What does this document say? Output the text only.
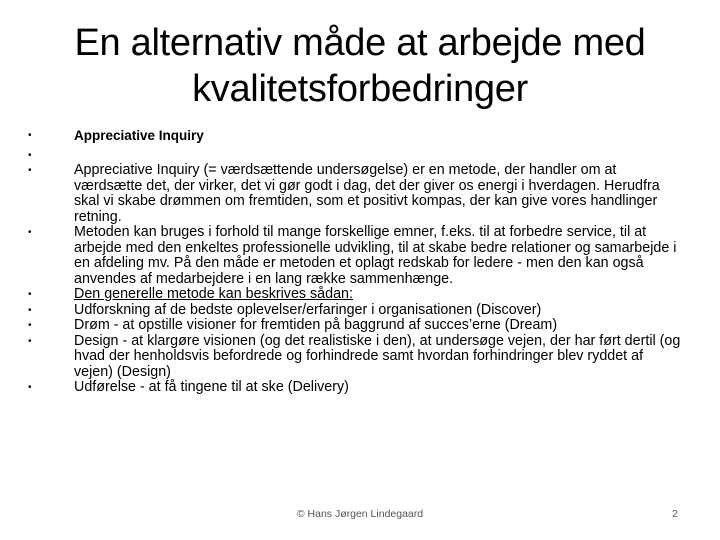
En alternativ måde at arbejde med
kvalitetsforbedringer
•	Appreciative Inquiry
•
•	Appreciative Inquiry (= værdsættende undersøgelse) er en metode, der handler om at værdsætte det, der virker, det vi gør godt i dag, det der giver os energi i hverdagen. Herudfra skal vi skabe drømmen om fremtiden, som et positivt kompas, der kan give vores handlinger retning.
•	Metoden kan bruges i forhold til mange forskellige emner, f.eks. til at forbedre service, til at arbejde med den enkeltes professionelle udvikling, til at skabe bedre relationer og samarbejde i en afdeling mv. På den måde er metoden et oplagt redskab for ledere - men den kan også anvendes af medarbejdere i en lang række sammenhænge.
•	Den generelle metode kan beskrives sådan:
•	Udforskning af de bedste oplevelser/erfaringer i organisationen (Discover)
•	Drøm - at opstille visioner for fremtiden på baggrund af succes’erne (Dream)
•	Design - at klargøre visionen (og det realistiske i den), at undersøge vejen, der har ført dertil (og hvad der henholdsvis befordrede og forhindrede samt hvordan forhindringer blev ryddet af vejen) (Design)
•	Udførelse - at få tingene til at ske (Delivery)
© Hans Jørgen Lindegaard	2
